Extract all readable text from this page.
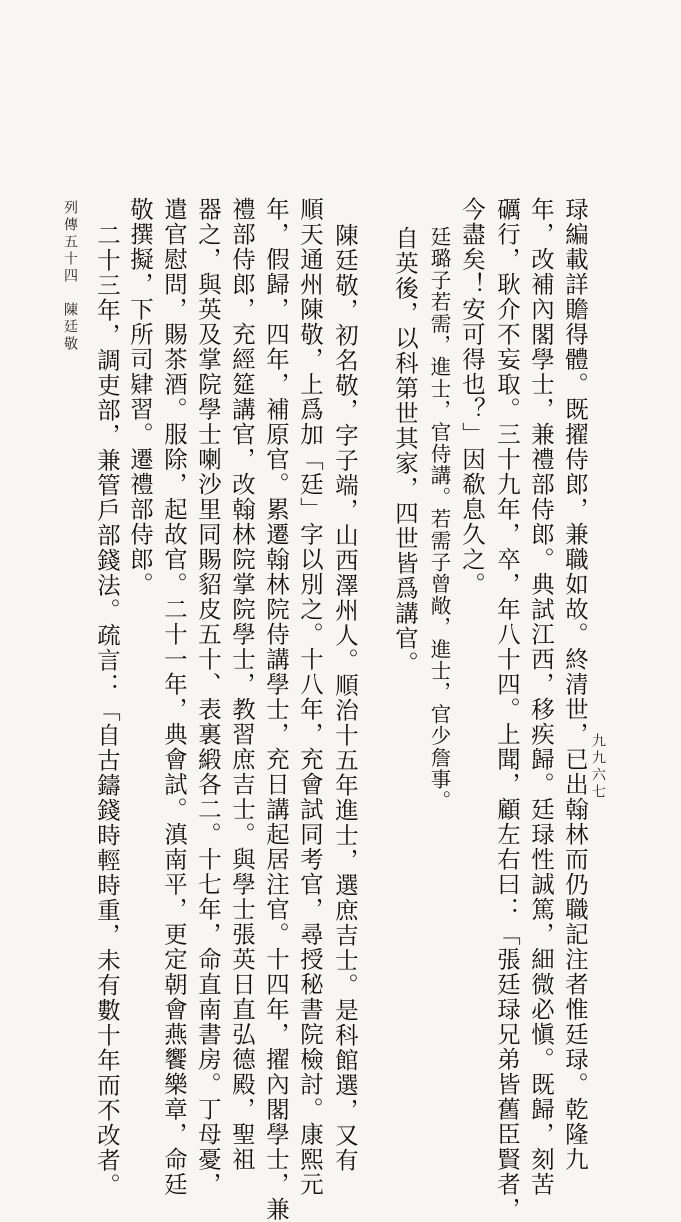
九九六七
琭編載詳贍得體。既擢侍郎，兼職如故。終清世，已出翰林而仍職記注者惟廷琭。乾隆九
年，改補內閣學士，兼禮部侍郎。典試江西，移疾歸。廷琭性誠篤，細微必愼。既歸，刻苦
礪行，耿介不妄取。三十九年，卒，年八十四。上聞，顧左右曰：「張廷琭兄弟皆舊臣賢者，
今盡矣！安可得也？」因欷息久之。
廷璐子若需，進士，官侍講。若需子曾敞，進士，官少詹事。
自英後，以科第世其家，四世皆爲講官。
陳廷敬，初名敬，字子端，山西澤州人。順治十五年進士，選庶吉士。是科館選，又有
順天通州陳敬，上爲加「廷」字以別之。十八年，充會試同考官，尋授秘書院檢討。康熙元
年，假歸，四年，補原官。累遷翰林院侍講學士，充日講起居注官。十四年，擢內閣學士，兼
禮部侍郎，充經筵講官，改翰林院掌院學士，教習庶吉士。與學士張英日直弘德殿，聖祖
器之，與英及掌院學士喇沙里同賜貂皮五十、表裏緞各二。十七年，命直南書房。丁母憂，
遣官慰問，賜茶酒。服除，起故官。二十一年，典會試。滇南平，更定朝會燕饗樂章，命廷
敬撰擬，下所司肄習。遷禮部侍郎。
二十三年，調吏部，兼管戶部錢法。疏言：「自古鑄錢時輕時重，未有數十年而不改者。
列傳五十四　陳廷敬
